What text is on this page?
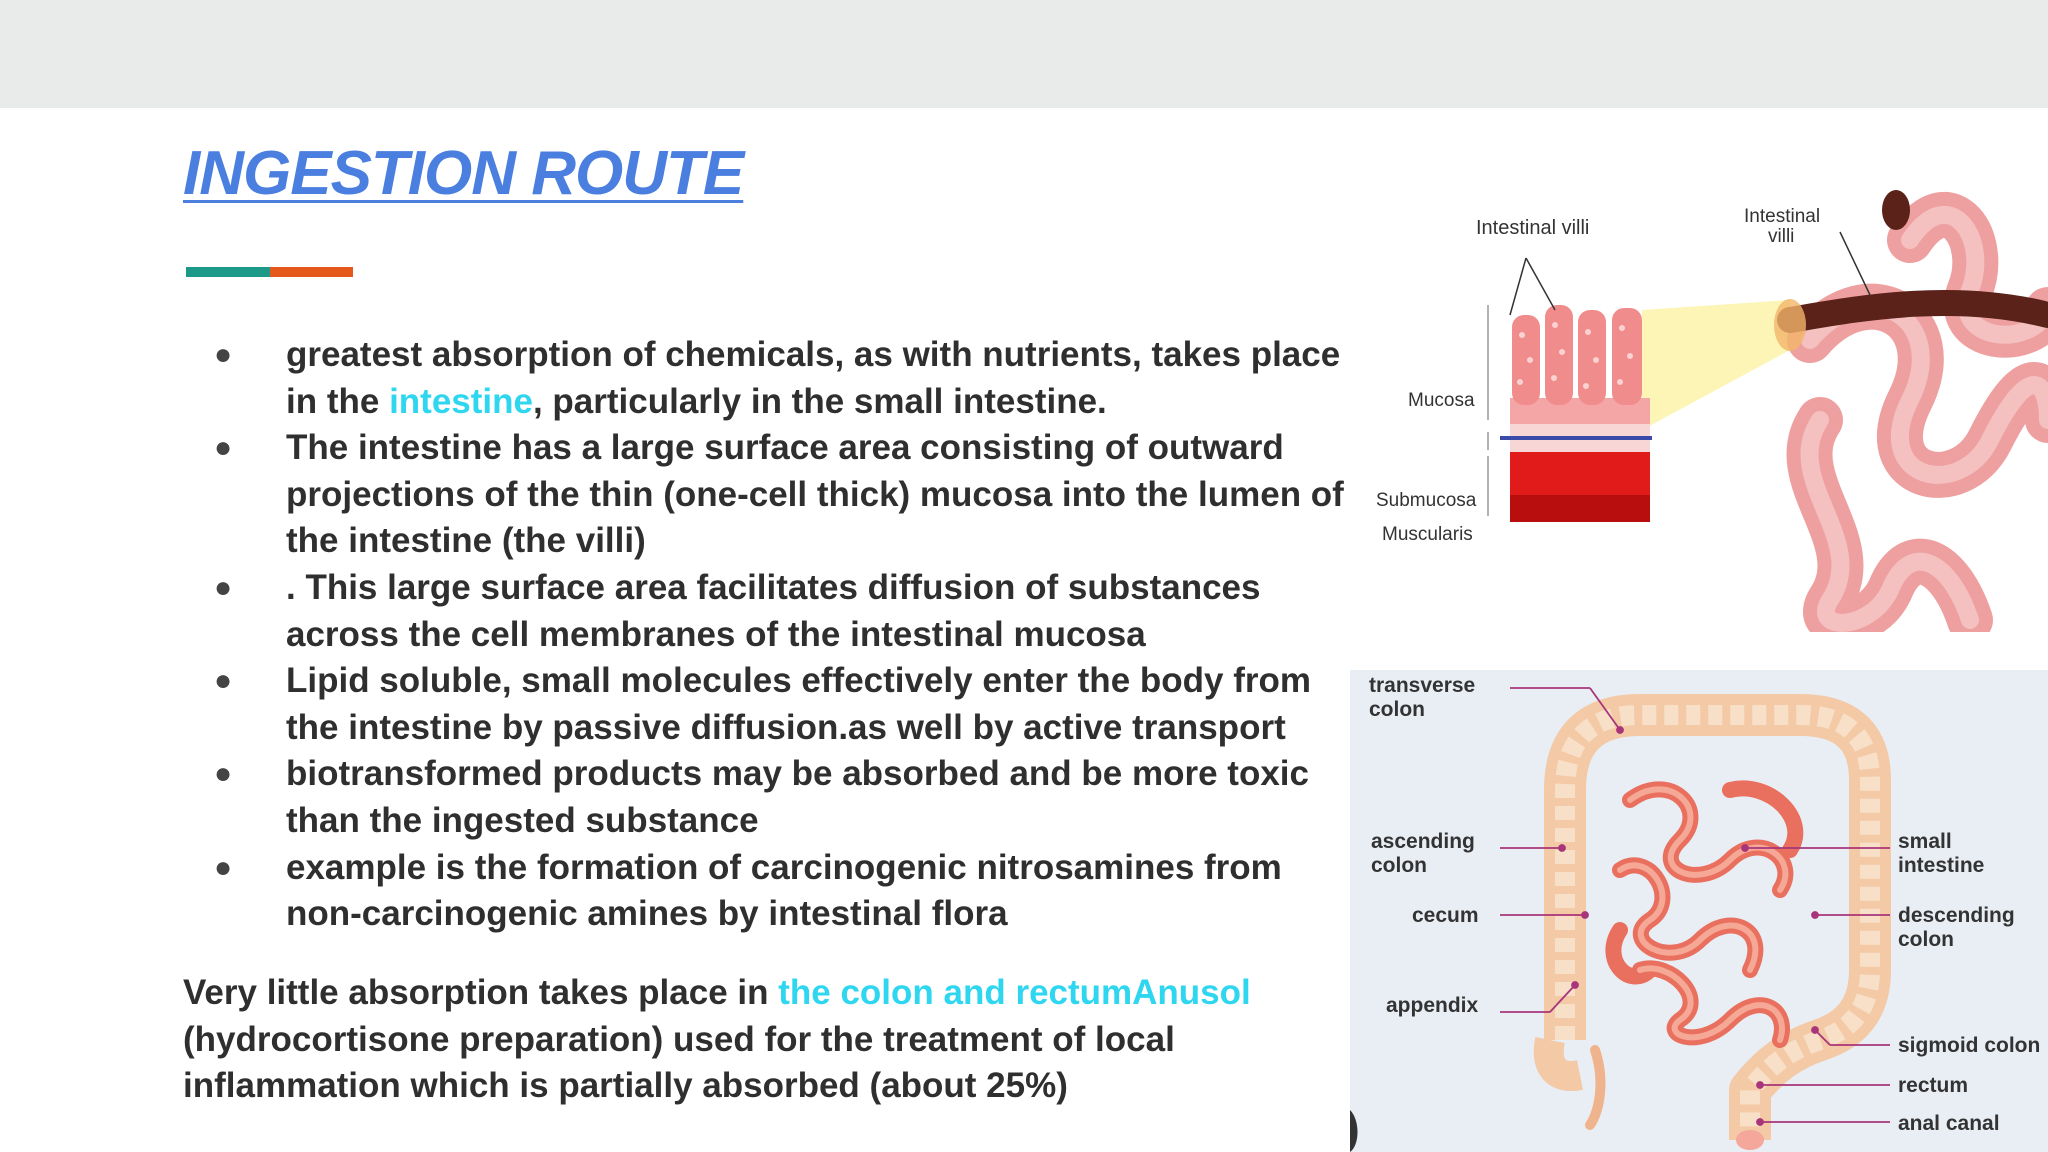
INGESTION ROUTE
● greatest absorption of chemicals, as with nutrients, takes place in the intestine, particularly in the small intestine.
● The intestine has a large surface area consisting of outward projections of the thin (one-cell thick) mucosa into the lumen of the intestine (the villi)
● . This large surface area facilitates diffusion of substances across the cell membranes of the intestinal mucosa
● Lipid soluble, small molecules effectively enter the body from the intestine by passive diffusion.as well by active transport
● biotransformed products may be absorbed and be more toxic than the ingested substance
● example is the formation of carcinogenic nitrosamines from non-carcinogenic amines by intestinal flora
Very little absorption takes place in the colon and rectumAnusol (hydrocortisone preparation) used for the treatment of local inflammation which is partially absorbed (about 25%)
Intestinal villi
Intestinal
villi
Mucosa
Submucosa
Muscularis
transverse
colon
ascending
colon
cecum
appendix
small
intestine
descending
colon
sigmoid colon
rectum
anal canal
